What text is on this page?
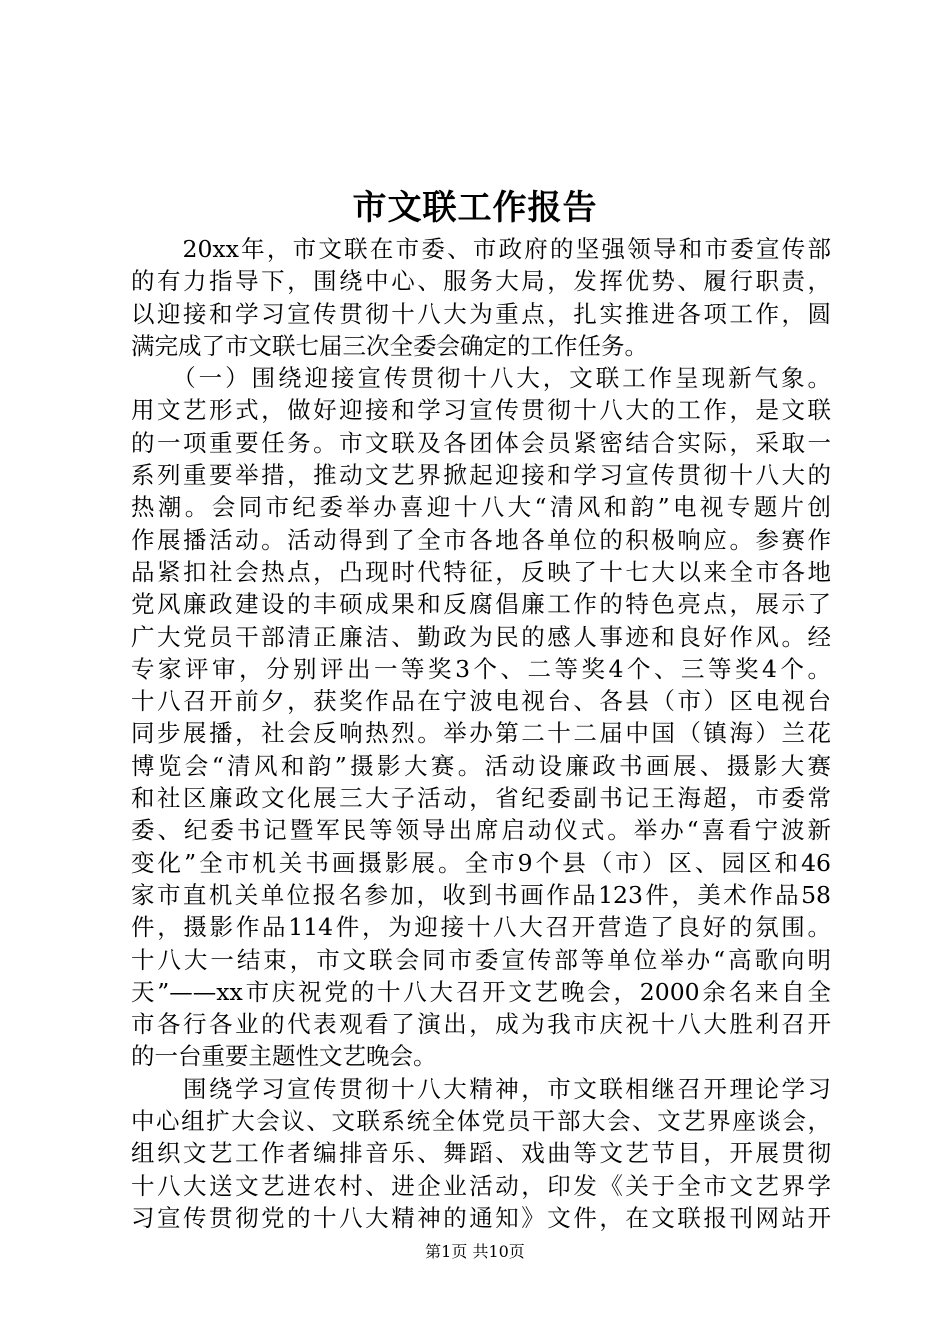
市文联工作报告
　　20xx年，市文联在市委、市政府的坚强领导和市委宣传部
的有力指导下，围绕中心、服务大局，发挥优势、履行职责，
以迎接和学习宣传贯彻十八大为重点，扎实推进各项工作，圆
满完成了市文联七届三次全委会确定的工作任务。
　　（一）围绕迎接宣传贯彻十八大，文联工作呈现新气象。
用文艺形式，做好迎接和学习宣传贯彻十八大的工作，是文联
的一项重要任务。市文联及各团体会员紧密结合实际，采取一
系列重要举措，推动文艺界掀起迎接和学习宣传贯彻十八大的
热潮。会同市纪委举办喜迎十八大“清风和韵”电视专题片创
作展播活动。活动得到了全市各地各单位的积极响应。参赛作
品紧扣社会热点，凸现时代特征，反映了十七大以来全市各地
党风廉政建设的丰硕成果和反腐倡廉工作的特色亮点，展示了
广大党员干部清正廉洁、勤政为民的感人事迹和良好作风。经
专家评审，分别评出一等奖3个、二等奖4个、三等奖4个。
十八召开前夕，获奖作品在宁波电视台、各县（市）区电视台
同步展播，社会反响热烈。举办第二十二届中国（镇海）兰花
博览会“清风和韵”摄影大赛。活动设廉政书画展、摄影大赛
和社区廉政文化展三大子活动，省纪委副书记王海超，市委常
委、纪委书记暨军民等领导出席启动仪式。举办“喜看宁波新
变化”全市机关书画摄影展。全市9个县（市）区、园区和46
家市直机关单位报名参加，收到书画作品123件，美术作品58
件，摄影作品114件，为迎接十八大召开营造了良好的氛围。
十八大一结束，市文联会同市委宣传部等单位举办“高歌向明
天”——xx市庆祝党的十八大召开文艺晚会，2000余名来自全
市各行各业的代表观看了演出，成为我市庆祝十八大胜利召开
的一台重要主题性文艺晚会。
　　围绕学习宣传贯彻十八大精神，市文联相继召开理论学习
中心组扩大会议、文联系统全体党员干部大会、文艺界座谈会，
组织文艺工作者编排音乐、舞蹈、戏曲等文艺节目，开展贯彻
十八大送文艺进农村、进企业活动，印发《关于全市文艺界学
习宣传贯彻党的十八大精神的通知》文件，在文联报刊网站开
第1页 共10页
